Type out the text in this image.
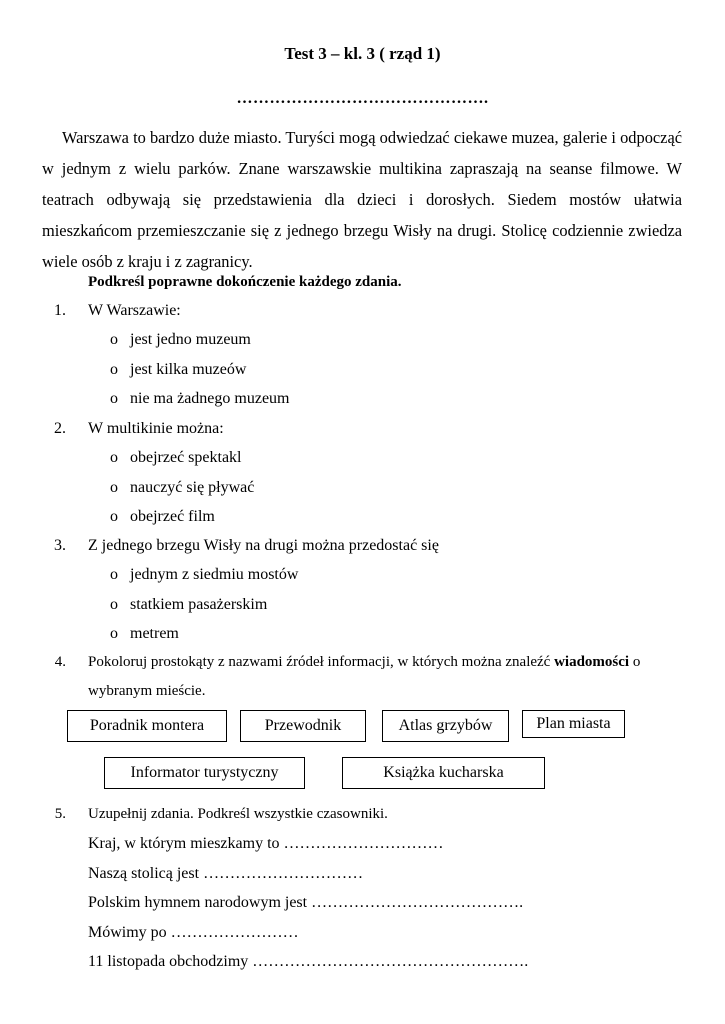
Test 3 – kl. 3 ( rząd 1)
……………………………………….
Warszawa to bardzo duże miasto. Turyści mogą odwiedzać ciekawe muzea, galerie i odpocząć w jednym z wielu parków. Znane warszawskie multikina zapraszają na seanse filmowe. W teatrach odbywają się przedstawienia dla dzieci i dorosłych. Siedem mostów ułatwia mieszkańcom przemieszczanie się z jednego brzegu Wisły na drugi. Stolicę codziennie zwiedza wiele osób z kraju i z zagranicy.
Podkreśl poprawne dokończenie każdego zdania.
1. W Warszawie:
o jest jedno muzeum
o jest kilka muzeów
o nie ma żadnego muzeum
2. W multikinie można:
o obejrzeć spektakl
o nauczyć się pływać
o obejrzeć film
3. Z jednego brzegu Wisły na drugi można przedostać się
o jednym z siedmiu mostów
o statkiem pasażerskim
o metrem
4. Pokoloruj prostokąty z nazwami źródeł informacji, w których można znaleźć wiadomości o
wybranym mieście.
Poradnik montera	Przewodnik	Atlas grzybów	Plan miasta
Informator turystyczny	Książka kucharska
5. Uzupełnij zdania. Podkreśl wszystkie czasowniki.
Kraj, w którym mieszkamy to …………………………
Naszą stolicą jest …………………………
Polskim hymnem narodowym jest ………………………………….
Mówimy po ……………………
11 listopada obchodzimy …………………………………………….
